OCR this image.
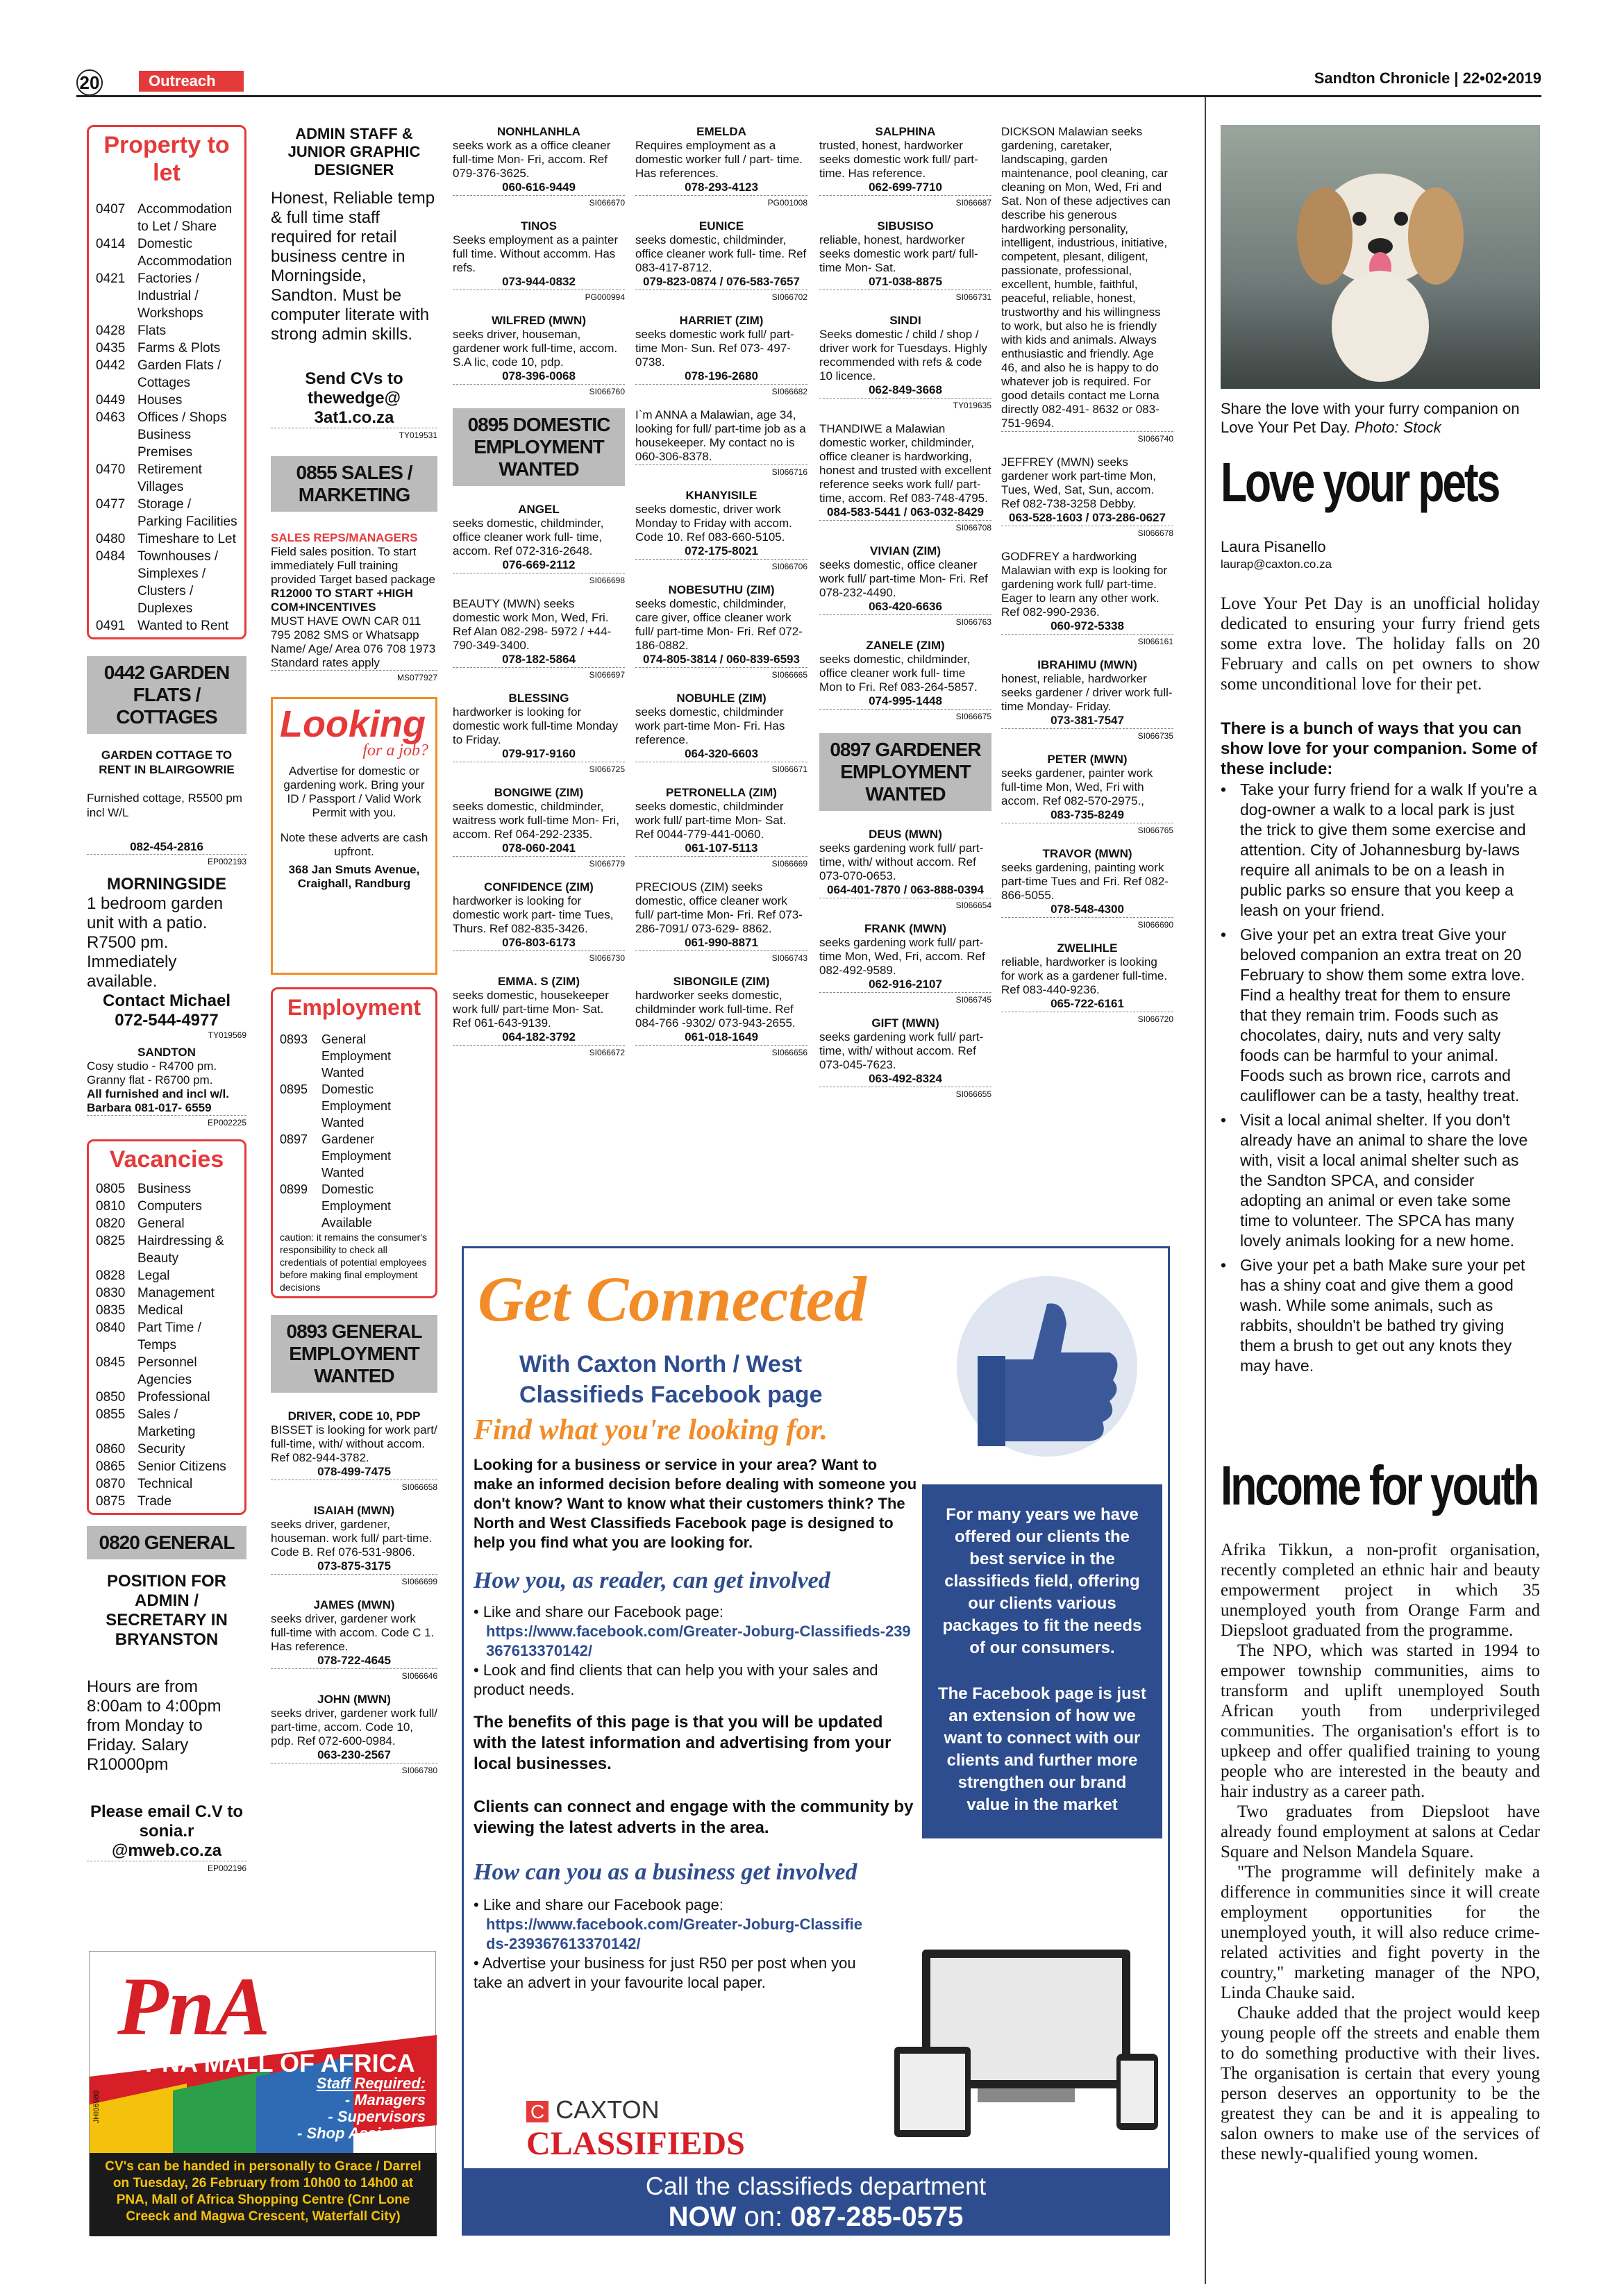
20	Outreach	Sandton Chronicle | 22•02•2019
Property to let
0407 Accommodation to Let / Share
0414 Domestic Accommodation
0421 Factories / Industrial / Workshops
0428 Flats
0435 Farms & Plots
0442 Garden Flats / Cottages
0449 Houses
0463 Offices / Shops Business Premises
0470 Retirement Villages
0477 Storage / Parking Facilities
0480 Timeshare to Let
0484 Townhouses / Simplexes / Clusters / Duplexes
0491 Wanted to Rent
0442 GARDEN FLATS / COTTAGES
GARDEN COTTAGE TO RENT IN BLAIRGOWRIE
Furnished cottage, R5500 pm incl W/L
082-454-2816
EP002193
MORNINGSIDE
1 bedroom garden unit with a patio. R7500 pm. Immediately available.
Contact Michael
072-544-4977
TY019569
SANDTON
Cosy studio - R4700 pm. Granny flat - R6700 pm.
All furnished and incl w/l. Barbara 081-017- 6559
EP002225
Vacancies
0805 Business
0810 Computers
0820 General
0825 Hairdressing & Beauty
0828 Legal
0830 Management
0835 Medical
0840 Part Time / Temps
0845 Personnel Agencies
0850 Professional
0855 Sales / Marketing
0860 Security
0865 Senior Citizens
0870 Technical
0875 Trade
0820 GENERAL
POSITION FOR ADMIN / SECRETARY IN BRYANSTON
Hours are from 8:00am to 4:00pm from Monday to Friday. Salary R10000pm
Please email C.V to sonia.r @mweb.co.za
EP002196
PnA colour
your world
PNA MALL OF AFRICA
Staff Required:
- Managers
- Supervisors
- Shop Assistants
JHI06980
CV's can be handed in personally to Grace / Darrel on Tuesday, 26 February from 10h00 to 14h00 at PNA, Mall of Africa Shopping Centre (Cnr Lone Creeck and Magwa Crescent, Waterfall City)
ADMIN STAFF & JUNIOR GRAPHIC DESIGNER
Honest, Reliable temp & full time staff required for retail business centre in Morningside, Sandton. Must be computer literate with strong admin skills.
Send CVs to thewedge@ 3at1.co.za
TY019531
0855 SALES / MARKETING
SALES REPS/MANAGERS
Field sales position. To start immediately Full training provided Target based package
R12000 TO START +HIGH COM+INCENTIVES
MUST HAVE OWN CAR 011 795 2082 SMS or Whatsapp Name/ Age/ Area 076 708 1973 Standard rates apply
MS077927
Looking
for a job?
Advertise for domestic or gardening work. Bring your ID / Passport / Valid Work Permit with you.
Note these adverts are cash upfront.
368 Jan Smuts Avenue, Craighall, Randburg
Employment
0893	General Employment Wanted
0895	Domestic Employment Wanted
0897	Gardener Employment Wanted
0899	Domestic Employment Available
caution: it remains the consumer's responsibility to check all credentials of potential employees before making final employment decisions
0893 GENERAL EMPLOYMENT WANTED
DRIVER, CODE 10, PDP
BISSET is looking for work part/ full-time, with/ without accom. Ref 082-944-3782.
078-499-7475
SI066658
ISAIAH (MWN)
seeks driver, gardener, houseman. work full/ part-time. Code B. Ref 076-531-9806.
073-875-3175
SI066699
JAMES (MWN)
seeks driver, gardener work full-time with accom. Code C 1. Has reference.
078-722-4645
SI066646
JOHN (MWN)
seeks driver, gardener work full/ part-time, accom. Code 10, pdp. Ref 072-600-0984.
063-230-2567
SI066780
NONHLANHLA
seeks work as a office cleaner full-time Mon- Fri, accom. Ref 079-376-3625.
060-616-9449
SI066670
TINOS
Seeks employment as a painter full time. Without accomm. Has refs.
073-944-0832
PG000994
WILFRED (MWN)
seeks driver, houseman, gardener work full-time, accom. S.A lic, code 10, pdp.
078-396-0068
SI066760
0895 DOMESTIC EMPLOYMENT WANTED
ANGEL
seeks domestic, childminder, office cleaner work full- time, accom. Ref 072-316-2648.
076-669-2112
SI066698
BEAUTY (MWN) seeks domestic work Mon, Wed, Fri. Ref Alan 082-298- 5972 / +44-790-349-3400.
078-182-5864
SI066697
BLESSING
hardworker is looking for domestic work full-time Monday to Friday.
079-917-9160
SI066725
BONGIWE (ZIM)
seeks domestic, childminder, waitress work full-time Mon- Fri, accom. Ref 064-292-2335.
078-060-2041
SI066779
CONFIDENCE (ZIM)
hardworker is looking for domestic work part- time Tues, Thurs. Ref 082-835-3426.
076-803-6173
SI066730
EMMA. S (ZIM)
seeks domestic, housekeeper work full/ part-time Mon- Sat. Ref 061-643-9139.
064-182-3792
SI066672
EMELDA
Requires employment as a domestic worker full / part- time. Has references.
078-293-4123
PG001008
EUNICE
seeks domestic, childminder, office cleaner work full- time. Ref 083-417-8712.
079-823-0874 / 076-583-7657
SI066702
HARRIET (ZIM)
seeks domestic work full/ part-time Mon- Sun. Ref 073- 497-0738.
078-196-2680
SI066682
I`m ANNA a Malawian, age 34, looking for full/ part-time job as a housekeeper. My contact no is 060-306-8378.
SI066716
KHANYISILE
seeks domestic, driver work Monday to Friday with accom. Code 10. Ref 083-660-5105.
072-175-8021
SI066706
NOBESUTHU (ZIM)
seeks domestic, childminder, care giver, office cleaner work full/ part-time Mon- Fri. Ref 072-186-0882.
074-805-3814 / 060-839-6593
SI066665
NOBUHLE (ZIM)
seeks domestic, childminder work part-time Mon- Fri. Has reference.
064-320-6603
SI066671
PETRONELLA (ZIM)
seeks domestic, childminder work full/ part-time Mon- Sat. Ref 0044-779-441-0060.
061-107-5113
SI066669
PRECIOUS (ZIM) seeks domestic, office cleaner work full/ part-time Mon- Fri. Ref 073-286-7091/ 073-629- 8862.
061-990-8871
SI066743
SIBONGILE (ZIM)
hardworker seeks domestic, childminder work full-time. Ref 084-766 -9302/ 073-943-2655.
061-018-1649
SI066656
SALPHINA
trusted, honest, hardworker seeks domestic work full/ part-time. Has reference.
062-699-7710
SI066687
SIBUSISO
reliable, honest, hardworker seeks domestic work part/ full-time Mon- Sat.
071-038-8875
SI066731
SINDI
Seeks domestic / child / shop / driver work for Tuesdays. Highly recommended with refs & code 10 licence.
062-849-3668
TY019635
THANDIWE a Malawian domestic worker, childminder, office cleaner is hardworking, honest and trusted with excellent reference seeks work full/ part-time, accom. Ref 083-748-4795.
084-583-5441 / 063-032-8429
SI066708
VIVIAN (ZIM)
seeks domestic, office cleaner work full/ part-time Mon- Fri. Ref 078-232-4490.
063-420-6636
SI066763
ZANELE (ZIM)
seeks domestic, childminder, office cleaner work full- time Mon to Fri. Ref 083-264-5857.
074-995-1448
SI066675
0897 GARDENER EMPLOYMENT WANTED
DEUS (MWN)
seeks gardening work full/ part-time, with/ without accom. Ref 073-070-0653.
064-401-7870 / 063-888-0394
SI066654
FRANK (MWN)
seeks gardening work full/ part-time Mon, Wed, Fri, accom. Ref 082-492-9589.
062-916-2107
SI066745
GIFT (MWN)
seeks gardening work full/ part-time, with/ without accom. Ref 073-045-7623.
063-492-8324
SI066655
DICKSON Malawian seeks gardening, caretaker, landscaping, garden maintenance, pool cleaning, car cleaning on Mon, Wed, Fri and Sat. Non of these adjectives can describe his generous hardworking personality, intelligent, industrious, initiative, competent, plesant, diligent, passionate, professional, excellent, humble, faithful, peaceful, reliable, honest, trustworthy and his willingness to work, but also he is friendly with kids and animals. Always enthusiastic and friendly. Age 46, and also he is happy to do whatever job is required. For good details contact me Lorna directly 082-491- 8632 or 083-751-9694.
SI066740
JEFFREY (MWN) seeks gardener work part-time Mon, Tues, Wed, Sat, Sun, accom. Ref 082-738-3258 Debby.
063-528-1603 / 073-286-0627
SI066678
GODFREY a hardworking Malawian with exp is looking for gardening work full/ part-time. Eager to learn any other work. Ref 082-990-2936.
060-972-5338
SI066161
IBRAHIMU (MWN)
honest, reliable, hardworker seeks gardener / driver work full-time Monday- Friday.
073-381-7547
SI066735
PETER (MWN)
seeks gardener, painter work full-time Mon, Wed, Fri with accom. Ref 082-570-2975.,
083-735-8249
SI066765
TRAVOR (MWN)
seeks gardening, painting work part-time Tues and Fri. Ref 082-866-5055.
078-548-4300
SI066690
ZWELIHLE
reliable, hardworker is looking for work as a gardener full-time. Ref 083-440-9236.
065-722-6161
SI066720
Get Connected
With Caxton North / West
Classifieds Facebook page
Find what you're looking for.
Looking for a business or service in your area? Want to make an informed decision before dealing with someone you don't know? Want to know what their customers think? The North and West Classifieds Facebook page is designed to help you find what you are looking for.
How you, as reader, can get involved
• Like and share our Facebook page:
https://www.facebook.com/Greater-Joburg-Classifieds-239367613370142/
• Look and find clients that can help you with your sales and product needs.
The benefits of this page is that you will be updated with the latest information and advertising from your local businesses.
Clients can connect and engage with the community by viewing the latest adverts in the area.
How can you as a business get involved
• Like and share our Facebook page:
https://www.facebook.com/Greater-Joburg-Classifieds-239367613370142/
• Advertise your business for just R50 per post when you take an advert in your favourite local paper.
For many years we have offered our clients the best service in the classifieds field, offering our clients various packages to fit the needs of our consumers.
The Facebook page is just an extension of how we want to connect with our clients and further more strengthen our brand value in the market
- Caxton North/ West classifieds manager Logan Govender.
C CAXTON
CLASSIFIEDS
Call the classifieds department
NOW on: 087-285-0575
Share the love with your furry companion on Love Your Pet Day. Photo: Stock
Love your pets
Laura Pisanello
laurap@caxton.co.za
Love Your Pet Day is an unofficial holiday dedicated to ensuring your furry friend gets some extra love. The holiday falls on 20 February and calls on pet owners to show some unconditional love for their pet.
There is a bunch of ways that you can show love for your companion. Some of these include:
• Take your furry friend for a walk If you're a dog-owner a walk to a local park is just the trick to give them some exercise and attention. City of Johannesburg by-laws require all animals to be on a leash in public parks so ensure that you keep a leash on your friend.
• Give your pet an extra treat Give your beloved companion an extra treat on 20 February to show them some extra love. Find a healthy treat for them to ensure that they remain trim. Foods such as chocolates, dairy, nuts and very salty foods can be harmful to your animal. Foods such as brown rice, carrots and cauliflower can be a tasty, healthy treat.
• Visit a local animal shelter. If you don't already have an animal to share the love with, visit a local animal shelter such as the Sandton SPCA, and consider adopting an animal or even take some time to volunteer. The SPCA has many lovely animals looking for a new home.
• Give your pet a bath Make sure your pet has a shiny coat and give them a good wash. While some animals, such as rabbits, shouldn't be bathed try giving them a brush to get out any knots they may have.
Income for youth
Afrika Tikkun, a non-profit organisation, recently completed an ethnic hair and beauty empowerment project in which 35 unemployed youth from Orange Farm and Diepsloot graduated from the programme.
The NPO, which was started in 1994 to empower township communities, aims to transform and uplift unemployed South African youth from underprivileged communities. The organisation's effort is to upkeep and offer qualified training to young people who are interested in the beauty and hair industry as a career path.
Two graduates from Diepsloot have already found employment at salons at Cedar Square and Nelson Mandela Square.
"The programme will definitely make a difference in communities since it will create employment opportunities for the unemployed youth, it will also reduce crime-related activities and fight poverty in the country," marketing manager of the NPO, Linda Chauke said.
Chauke added that the project would keep young people off the streets and enable them to do something productive with their lives. The organisation is certain that every young person deserves an opportunity to be the greatest they can be and it is appealing to salon owners to make use of the services of these newly-qualified young women.
